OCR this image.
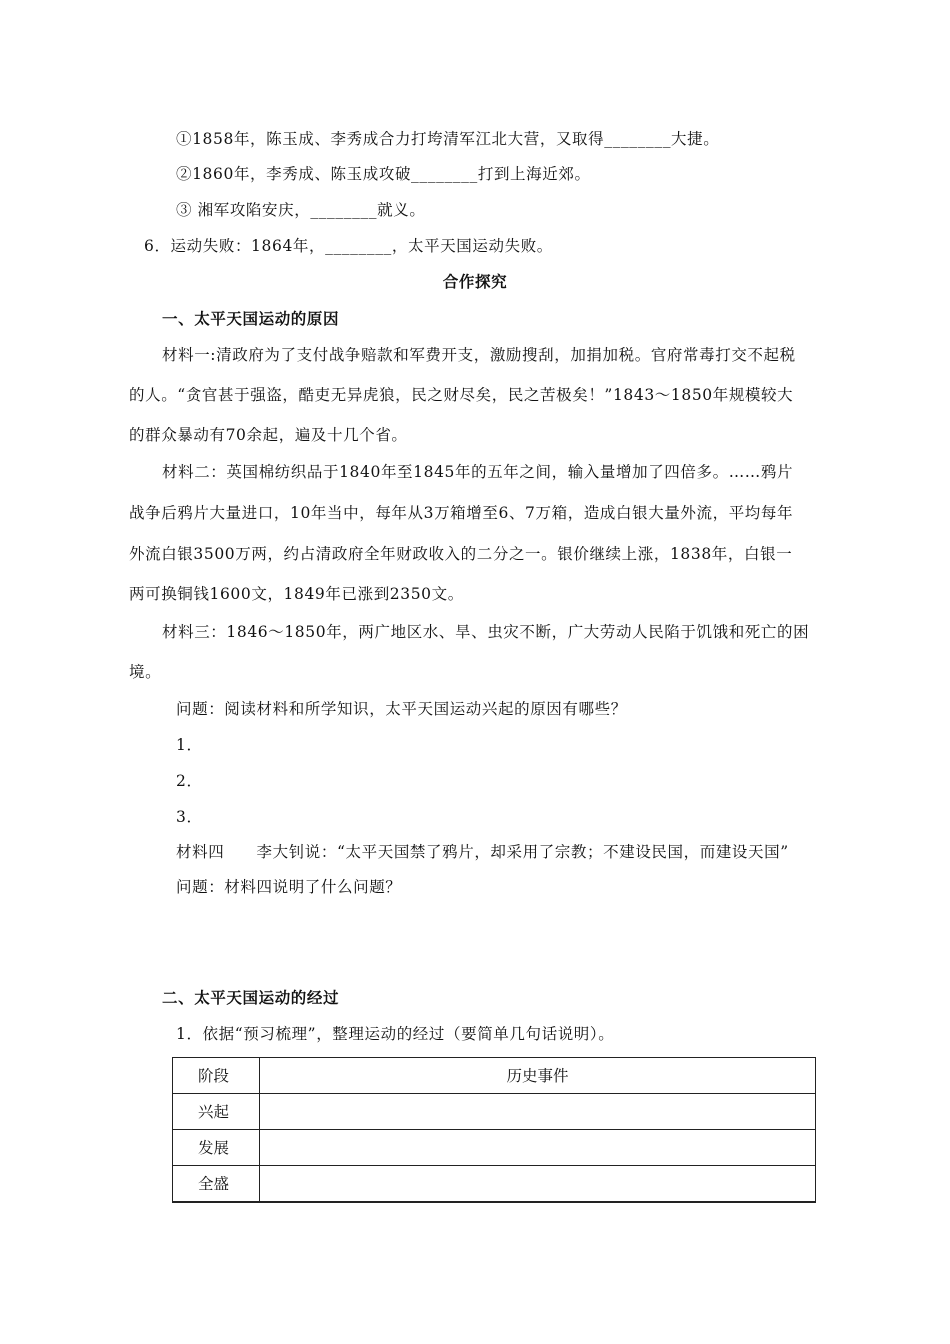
①1858年，陈玉成、李秀成合力打垮清军江北大营，又取得________大捷。
②1860年，李秀成、陈玉成攻破________打到上海近郊。
③ 湘军攻陷安庆，________就义。
6．运动失败：1864年，________，太平天国运动失败。
合作探究
一、太平天国运动的原因
材料一:清政府为了支付战争赔款和军费开支，激励搜刮，加捐加税。官府常毒打交不起税
的人。“贪官甚于强盗，酷吏无异虎狼，民之财尽矣，民之苦极矣！”1843～1850年规模较大
的群众暴动有70余起，遍及十几个省。
材料二：英国棉纺织品于1840年至1845年的五年之间，输入量增加了四倍多。……鸦片
战争后鸦片大量进口，10年当中，每年从3万箱增至6、7万箱，造成白银大量外流，平均每年
外流白银3500万两，约占清政府全年财政收入的二分之一。银价继续上涨，1838年，白银一
两可换铜钱1600文，1849年已涨到2350文。
材料三：1846～1850年，两广地区水、旱、虫灾不断，广大劳动人民陷于饥饿和死亡的困
境。
问题：阅读材料和所学知识，太平天国运动兴起的原因有哪些？
1．
2．
3．
材料四　　李大钊说：“太平天国禁了鸦片，却采用了宗教；不建设民国，而建设天国”
问题：材料四说明了什么问题？
二、太平天国运动的经过
1．依据“预习梳理”，整理运动的经过（要简单几句话说明）。
阶段	历史事件
兴起	
发展	
全盛	
